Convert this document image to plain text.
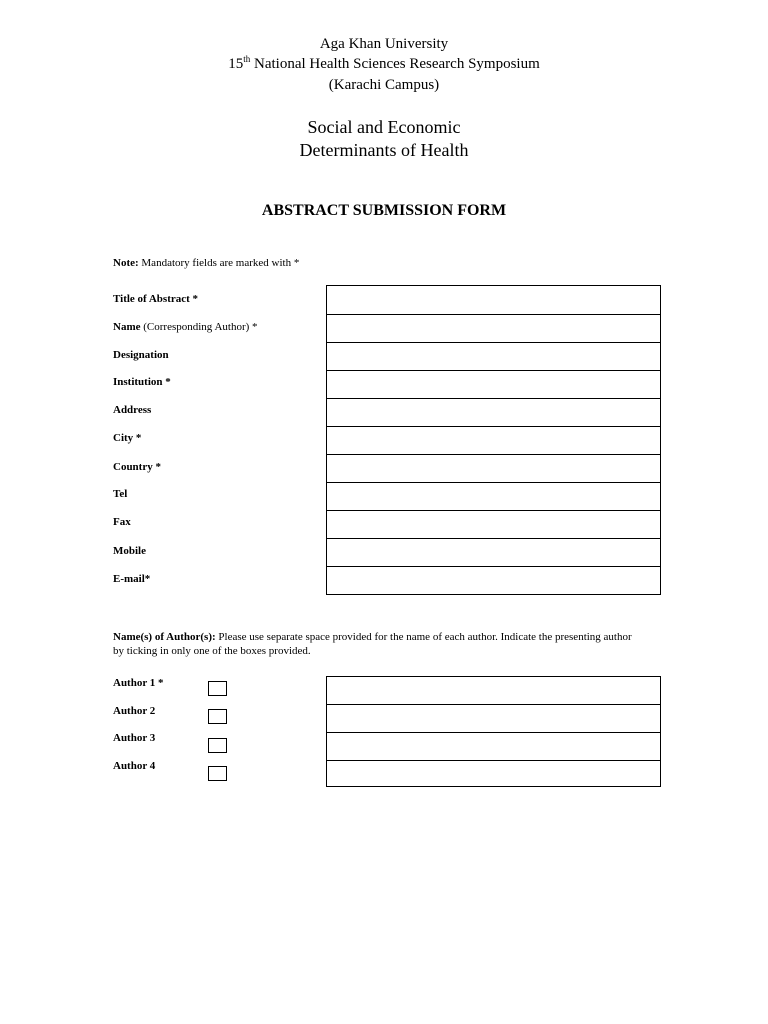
Aga Khan University
15th National Health Sciences Research Symposium
(Karachi Campus)
Social and Economic
Determinants of Health
ABSTRACT SUBMISSION FORM
Note: Mandatory fields are marked with *
Title of Abstract *
Name (Corresponding Author) *
Designation
Institution *
Address
City *
Country *
Tel
Fax
Mobile
E-mail*
Name(s) of Author(s): Please use separate space provided for the name of each author. Indicate the presenting author by ticking in only one of the boxes provided.
Author 1 *
Author 2
Author 3
Author 4
